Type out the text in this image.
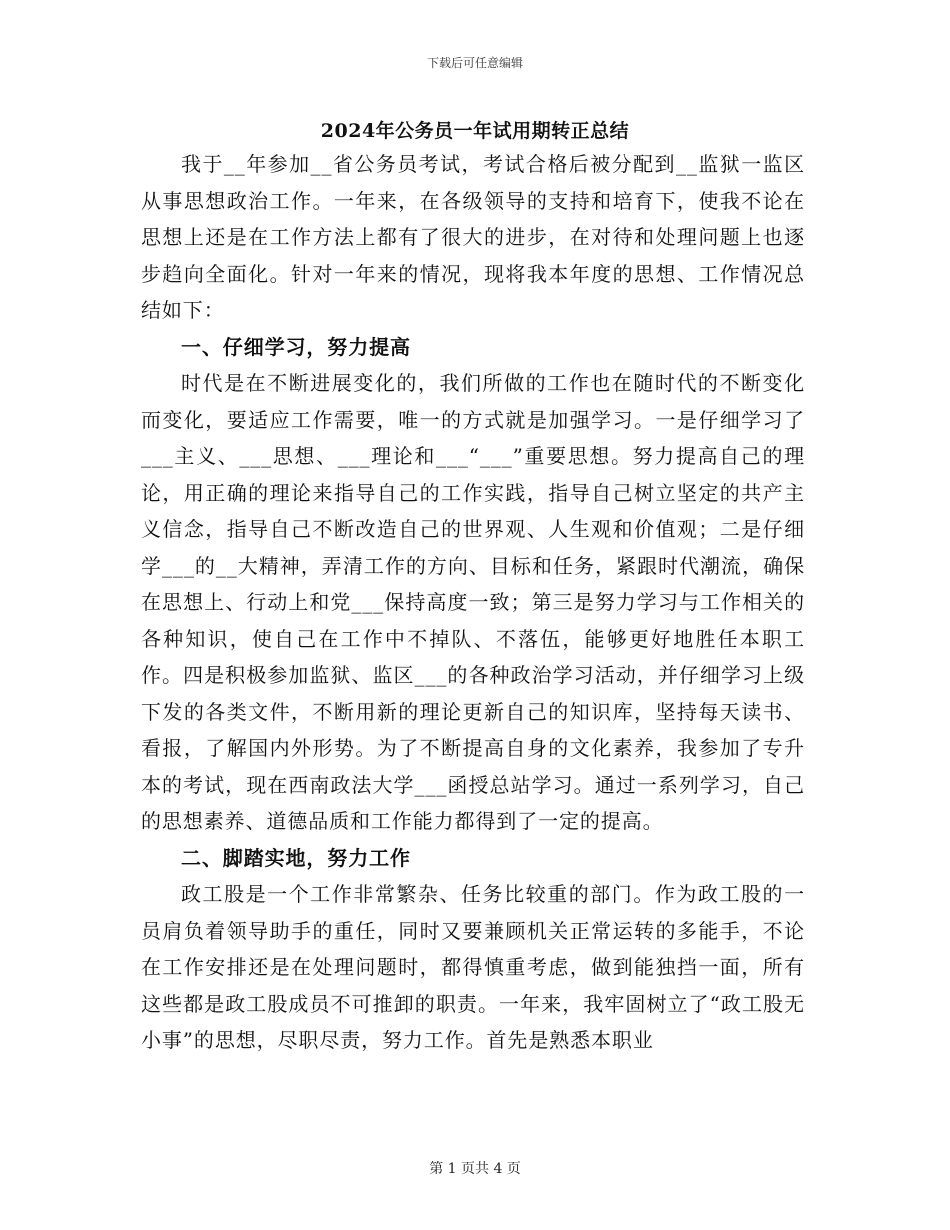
下载后可任意编辑
2024年公务员一年试用期转正总结

我于__年参加__省公务员考试，考试合格后被分配到__监狱一监区从事思想政治工作。一年来，在各级领导的支持和培育下，使我不论在思想上还是在工作方法上都有了很大的进步，在对待和处理问题上也逐步趋向全面化。针对一年来的情况，现将我本年度的思想、工作情况总结如下：

一、仔细学习，努力提高

时代是在不断进展变化的，我们所做的工作也在随时代的不断变化而变化，要适应工作需要，唯一的方式就是加强学习。一是仔细学习了___主义、___思想、___理论和___“___”重要思想。努力提高自己的理论，用正确的理论来指导自己的工作实践，指导自己树立坚定的共产主义信念，指导自己不断改造自己的世界观、人生观和价值观；二是仔细学___的__大精神，弄清工作的方向、目标和任务，紧跟时代潮流，确保在思想上、行动上和党___保持高度一致；第三是努力学习与工作相关的各种知识，使自己在工作中不掉队、不落伍，能够更好地胜任本职工作。四是积极参加监狱、监区___的各种政治学习活动，并仔细学习上级下发的各类文件，不断用新的理论更新自己的知识库，坚持每天读书、看报，了解国内外形势。为了不断提高自身的文化素养，我参加了专升本的考试，现在西南政法大学___函授总站学习。通过一系列学习，自己的思想素养、道德品质和工作能力都得到了一定的提高。

二、脚踏实地，努力工作

政工股是一个工作非常繁杂、任务比较重的部门。作为政工股的一员肩负着领导助手的重任，同时又要兼顾机关正常运转的多能手，不论在工作安排还是在处理问题时，都得慎重考虑，做到能独挡一面，所有这些都是政工股成员不可推卸的职责。一年来，我牢固树立了“政工股无小事”的思想，尽职尽责，努力工作。首先是熟悉本职业

第 1 页共 4 页
